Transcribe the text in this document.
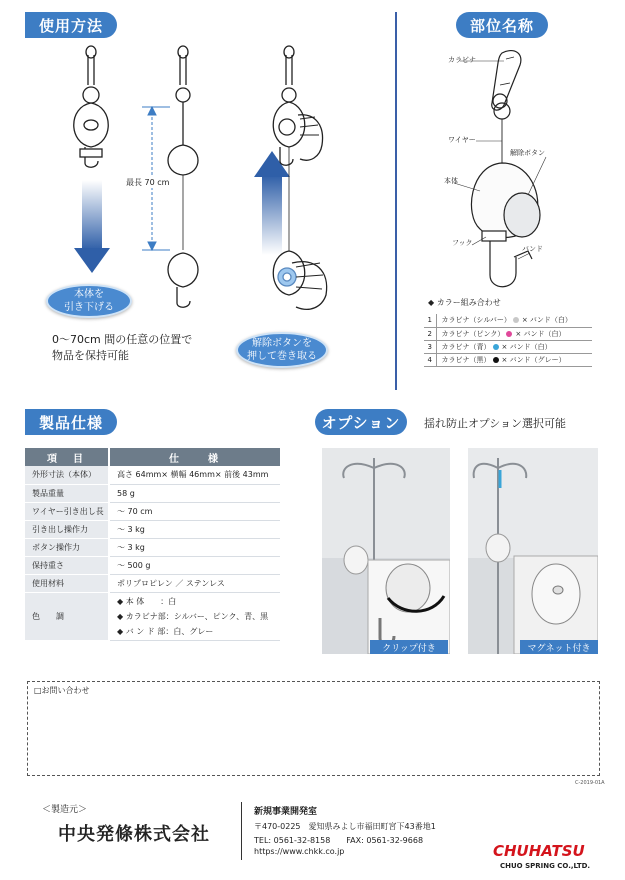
使用方法
最長 70 cm
本体を
引き下げる
解除ボタンを
押して巻き取る
0～70cm 間の任意の位置で
物品を保持可能
部位名称
カラビナ
ワイヤー
解除ボタン
本体
フック
バンド
◆ カラー組み合わせ
1	カラビナ（シルバー） × バンド（白）
2	カラビナ（ピンク） × バンド（白）
3	カラビナ（青） × バンド（白）
4	カラビナ（黒） × バンド（グレー）
製品仕様
項　目	仕　　様
外形寸法（本体）	高さ 64mm× 横幅 46mm× 前後 43mm
製品重量	58 g
ワイヤー引き出し長	～ 70 cm
引き出し操作力	～ 3 kg
ボタン操作力	～ 3 kg
保持重さ	～ 500 g
使用材料	ポリプロピレン ／ ステンレス
色　　調	◆ 本 体　　：白
◆ カラビナ部：シルバー、ピンク、青、黒
◆ バ ン ド 部：白、グレー
オプション	揺れ防止オプション選択可能
クリップ付き	マグネット付き
□お問い合わせ
C-2019-01A
＜製造元＞
中央発條株式会社
新規事業開発室
〒470-0225　愛知県みよし市福田町宮下43番地1
TEL: 0561-32-8158　　FAX: 0561-32-9668
https://www.chkk.co.jp	CHUHATSU
CHUO SPRING CO.,LTD.
